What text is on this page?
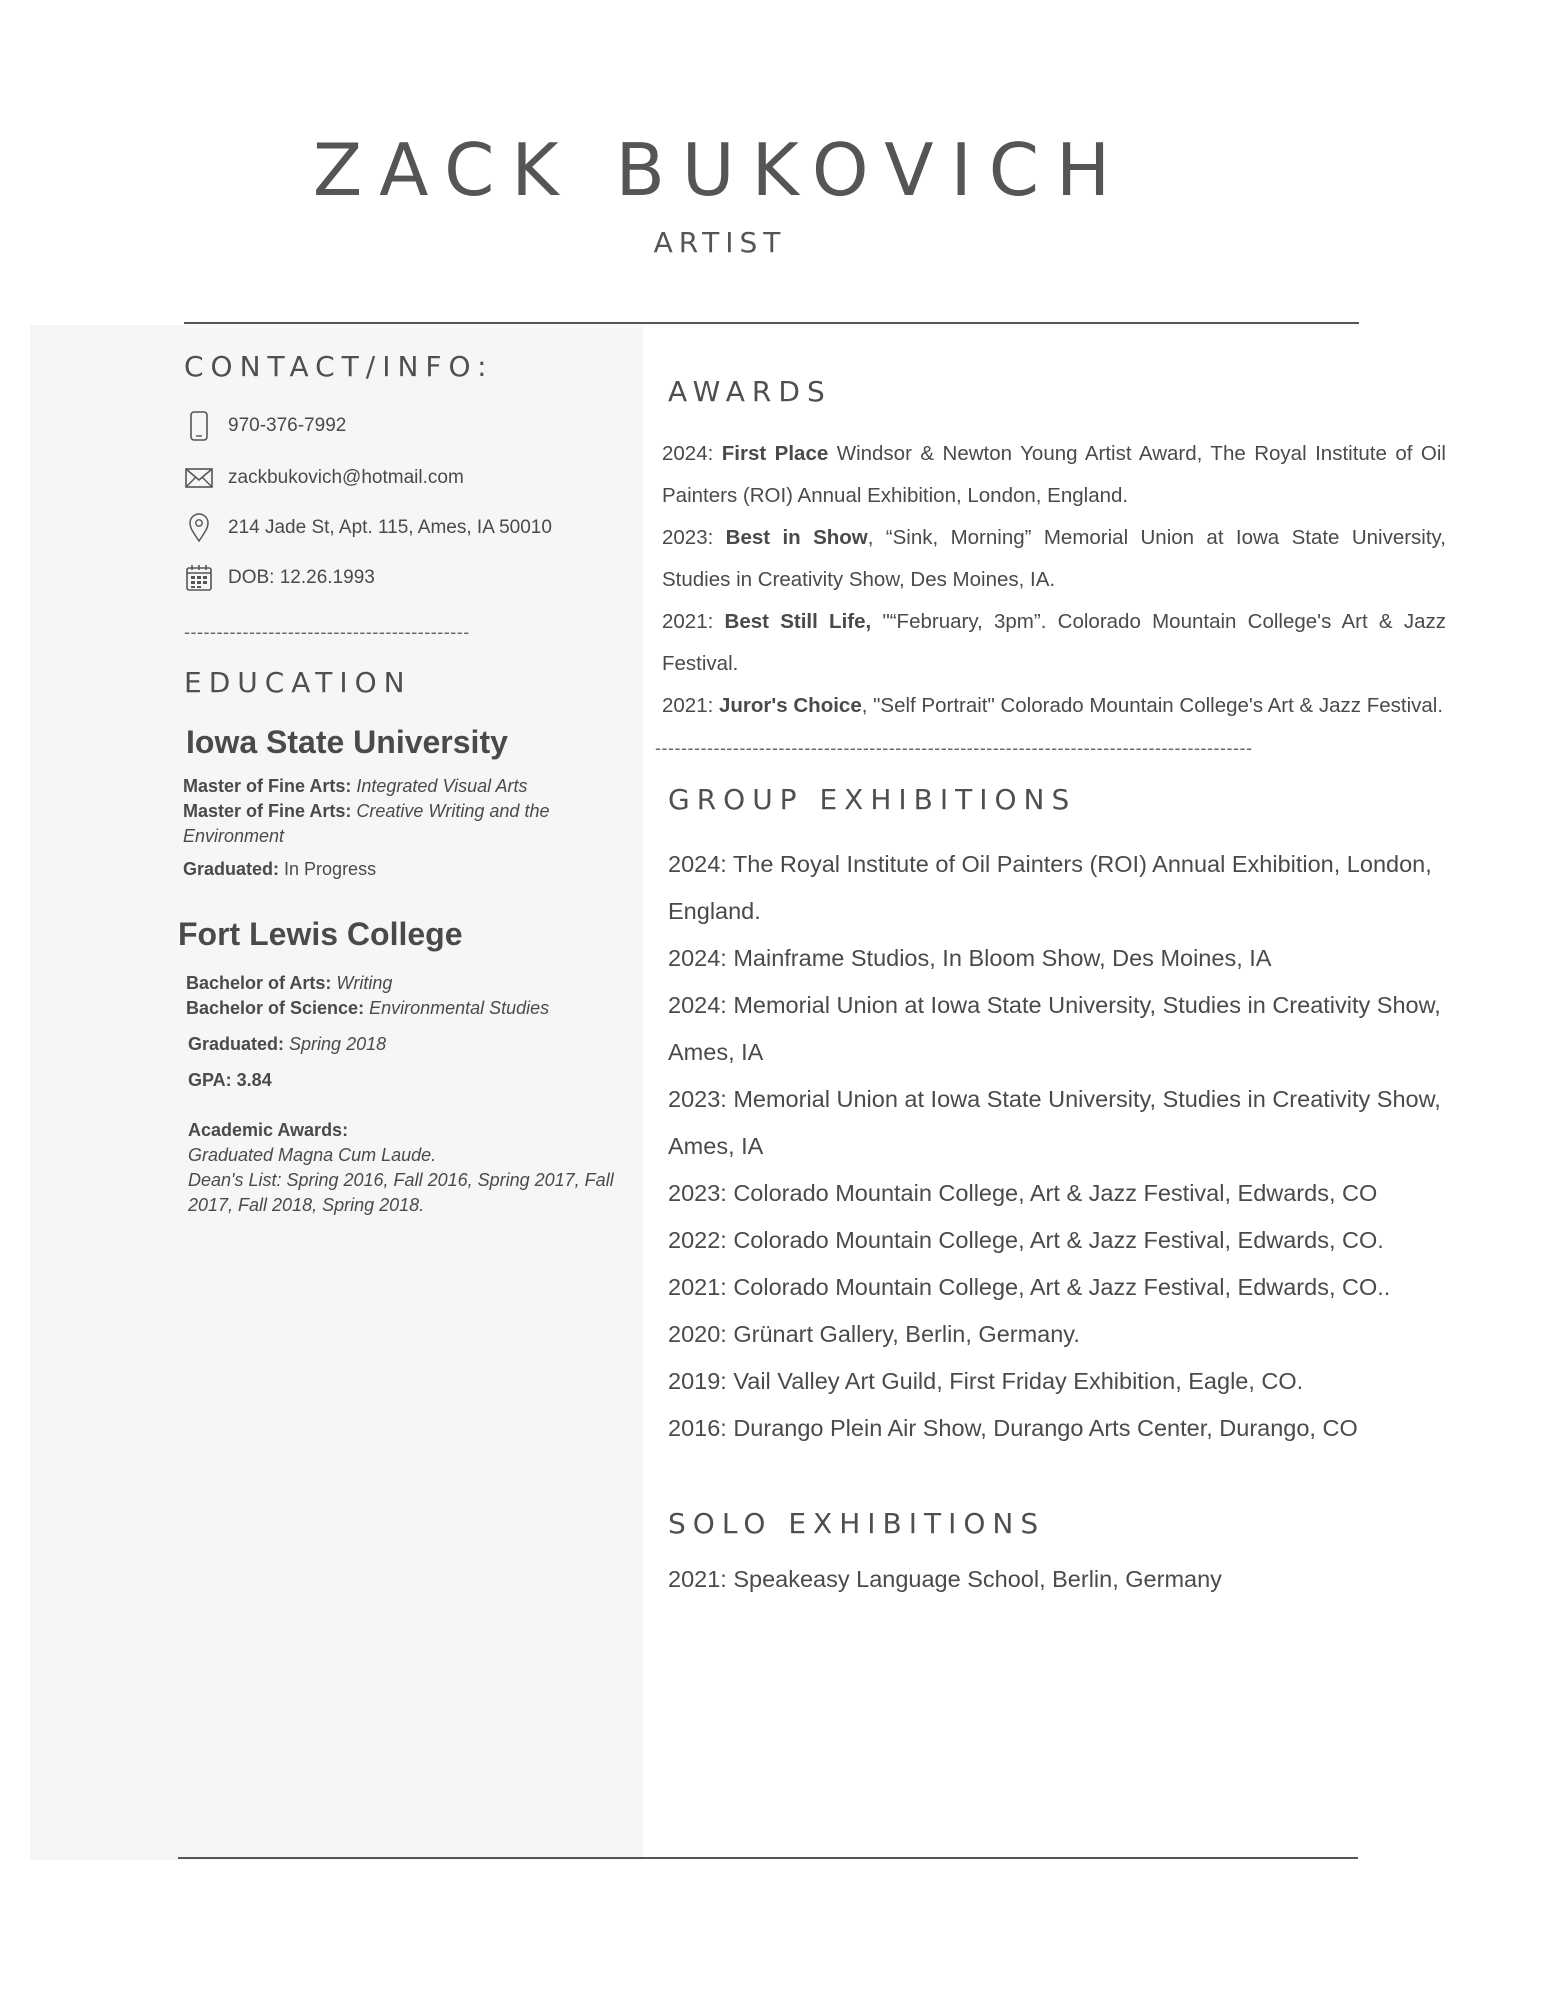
ZACK BUKOVICH
ARTIST
CONTACT/INFO:
970-376-7992
zackbukovich@hotmail.com
214 Jade St, Apt. 115, Ames, IA 50010
DOB: 12.26.1993
--------------------------------------------
EDUCATION
Iowa State University
Master of Fine Arts: Integrated Visual Arts
Master of Fine Arts: Creative Writing and the Environment
Graduated: In Progress
Fort Lewis College
Bachelor of Arts: Writing
Bachelor of Science: Environmental Studies
Graduated: Spring 2018
GPA: 3.84
Academic Awards:
Graduated Magna Cum Laude.
Dean's List: Spring 2016, Fall 2016, Spring 2017, Fall 2017, Fall 2018, Spring 2018.
AWARDS

2024: First Place Windsor & Newton Young Artist Award, The Royal Institute of Oil Painters (ROI) Annual Exhibition, London, England.

2023: Best in Show, “Sink, Morning” Memorial Union at Iowa State University, Studies in Creativity Show, Des Moines, IA.

2021: Best Still Life, "“February, 3pm”. Colorado Mountain College's Art & Jazz Festival.

2021: Juror's Choice, "Self Portrait" Colorado Mountain College's Art & Jazz Festival.

--------------------------------------------------------------------------------------------
GROUP EXHIBITIONS

2024: The Royal Institute of Oil Painters (ROI) Annual Exhibition, London, England.

2024: Mainframe Studios, In Bloom Show, Des Moines, IA

2024: Memorial Union at Iowa State University, Studies in Creativity Show, Ames, IA

2023: Memorial Union at Iowa State University, Studies in Creativity Show, Ames, IA

2023: Colorado Mountain College, Art & Jazz Festival, Edwards, CO

2022: Colorado Mountain College, Art & Jazz Festival, Edwards, CO.

2021: Colorado Mountain College, Art & Jazz Festival, Edwards, CO..

2020: Grünart Gallery, Berlin, Germany.

2019: Vail Valley Art Guild, First Friday Exhibition, Eagle, CO.

2016: Durango Plein Air Show, Durango Arts Center, Durango, CO

SOLO EXHIBITIONS

2021: Speakeasy Language School, Berlin, Germany
